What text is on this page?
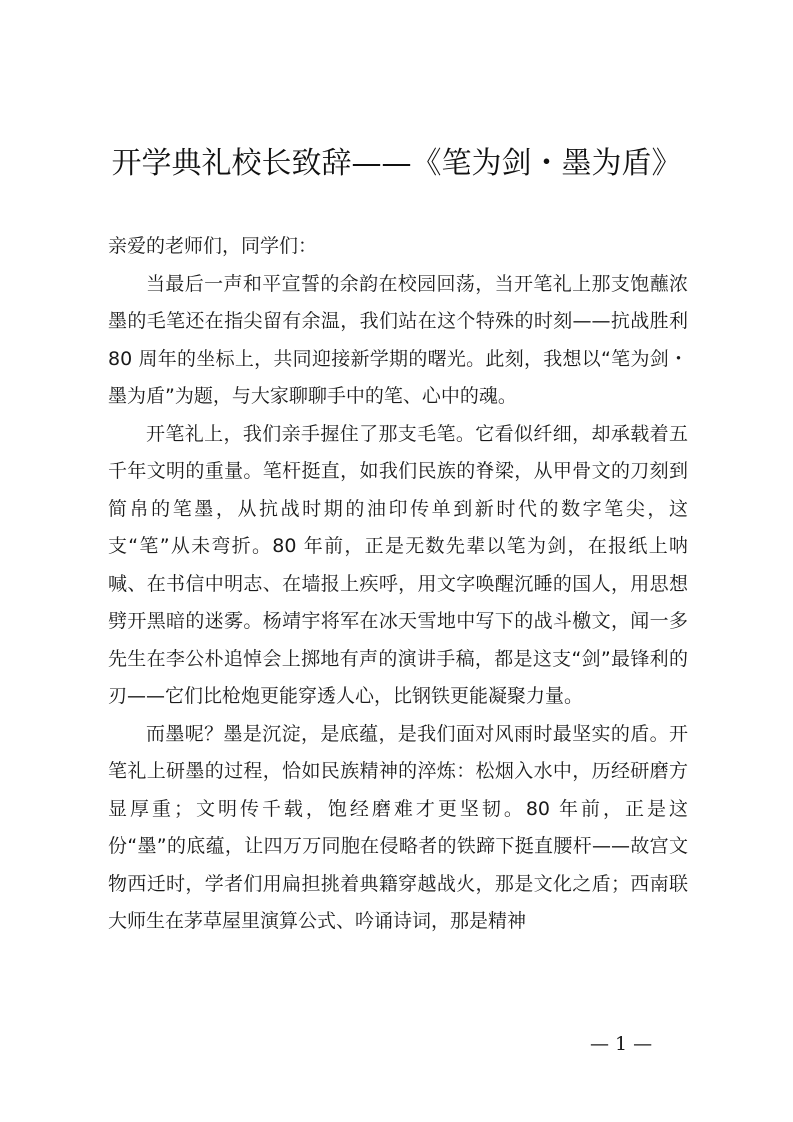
开学典礼校长致辞——《笔为剑・墨为盾》

亲爱的老师们，同学们：

当最后一声和平宣誓的余韵在校园回荡，当开笔礼上那支饱蘸浓墨的毛笔还在指尖留有余温，我们站在这个特殊的时刻——抗战胜利 80 周年的坐标上，共同迎接新学期的曙光。此刻，我想以“笔为剑・墨为盾”为题，与大家聊聊手中的笔、心中的魂。

开笔礼上，我们亲手握住了那支毛笔。它看似纤细，却承载着五千年文明的重量。笔杆挺直，如我们民族的脊梁，从甲骨文的刀刻到简帛的笔墨，从抗战时期的油印传单到新时代的数字笔尖，这支“笔”从未弯折。80 年前，正是无数先辈以笔为剑，在报纸上呐喊、在书信中明志、在墙报上疾呼，用文字唤醒沉睡的国人，用思想劈开黑暗的迷雾。杨靖宇将军在冰天雪地中写下的战斗檄文，闻一多先生在李公朴追悼会上掷地有声的演讲手稿，都是这支“剑”最锋利的刃——它们比枪炮更能穿透人心，比钢铁更能凝聚力量。

而墨呢？墨是沉淀，是底蕴，是我们面对风雨时最坚实的盾。开笔礼上研墨的过程，恰如民族精神的淬炼：松烟入水中，历经研磨方显厚重；文明传千载，饱经磨难才更坚韧。80 年前，正是这份“墨”的底蕴，让四万万同胞在侵略者的铁蹄下挺直腰杆——故宫文物西迁时，学者们用扁担挑着典籍穿越战火，那是文化之盾；西南联大师生在茅草屋里演算公式、吟诵诗词，那是精神

— 1 —
